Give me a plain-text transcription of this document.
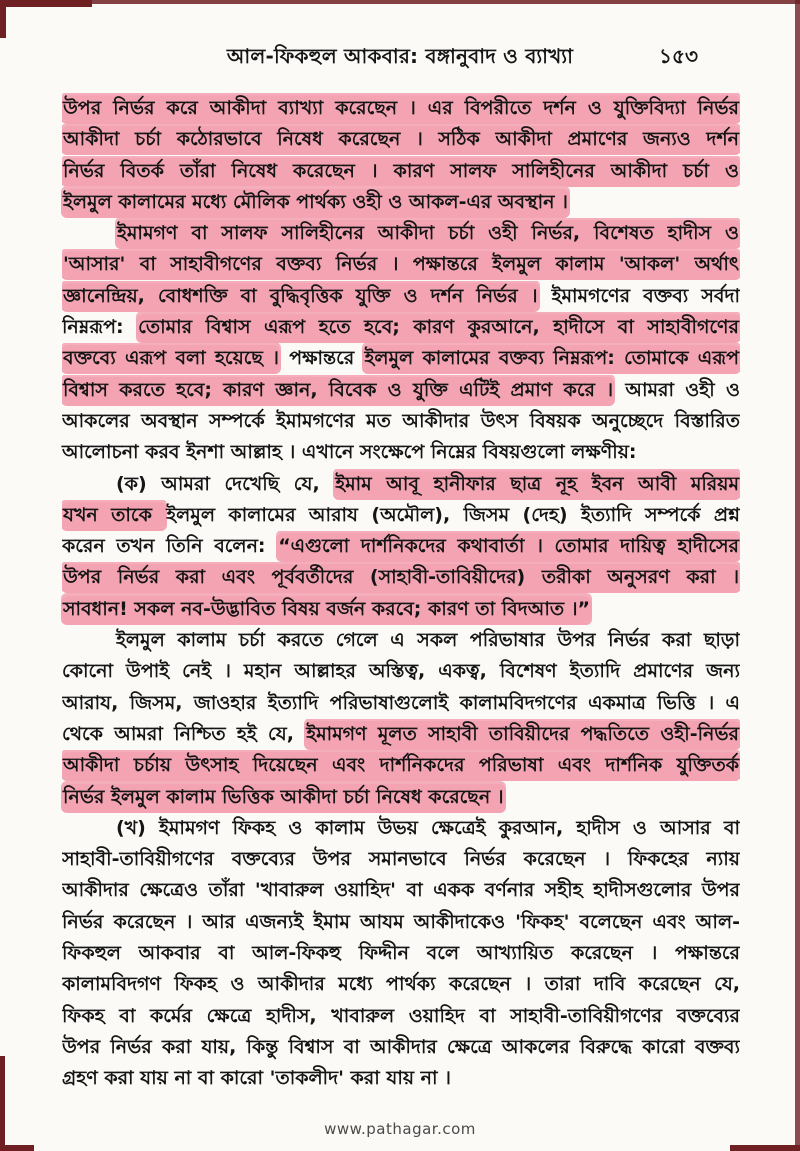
আল-ফিকহুল আকবার: বঙ্গানুবাদ ও ব্যাখ্যা	১৫৩
উপর নির্ভর করে আকীদা ব্যাখ্যা করেছেন । এর বিপরীতে দর্শন ও যুক্তিবিদ্যা নির্ভর
আকীদা চর্চা কঠোরভাবে নিষেধ করেছেন । সঠিক আকীদা প্রমাণের জন্যও দর্শন
নির্ভর বিতর্ক তাঁরা নিষেধ করেছেন । কারণ সালফ সালিহীনের আকীদা চর্চা ও
ইলমুল কালামের মধ্যে মৌলিক পার্থক্য ওহী ও আকল-এর অবস্থান ।
ইমামগণ বা সালফ সালিহীনের আকীদা চর্চা ওহী নির্ভর, বিশেষত হাদীস ও
'আসার' বা সাহাবীগণের বক্তব্য নির্ভর । পক্ষান্তরে ইলমুল কালাম 'আকল' অর্থাৎ
জ্ঞানেন্দ্রিয়, বোধশক্তি বা বুদ্ধিবৃত্তিক যুক্তি ও দর্শন নির্ভর । ইমামগণের বক্তব্য সর্বদা
নিম্নরূপ: তোমার বিশ্বাস এরূপ হতে হবে; কারণ কুরআনে, হাদীসে বা সাহাবীগণের
বক্তব্যে এরূপ বলা হয়েছে । পক্ষান্তরে ইলমুল কালামের বক্তব্য নিম্নরূপ: তোমাকে এরূপ
বিশ্বাস করতে হবে; কারণ জ্ঞান, বিবেক ও যুক্তি এটিই প্রমাণ করে । আমরা ওহী ও
আকলের অবস্থান সম্পর্কে ইমামগণের মত আকীদার উৎস বিষয়ক অনুচ্ছেদে বিস্তারিত
আলোচনা করব ইনশা আল্লাহ । এখানে সংক্ষেপে নিম্নের বিষয়গুলো লক্ষণীয়:
(ক) আমরা দেখেছি যে, ইমাম আবূ হানীফার ছাত্র নূহ ইবন আবী মরিয়ম
যখন তাকে ইলমুল কালামের আরায (অমৌল), জিসম (দেহ) ইত্যাদি সম্পর্কে প্রশ্ন
করেন তখন তিনি বলেন: “এগুলো দার্শনিকদের কথাবার্তা । তোমার দায়িত্ব হাদীসের
উপর নির্ভর করা এবং পূর্ববর্তীদের (সাহাবী-তাবিয়ীদের) তরীকা অনুসরণ করা ।
সাবধান! সকল নব-উদ্ভাবিত বিষয় বর্জন করবে; কারণ তা বিদআত ।”
ইলমুল কালাম চর্চা করতে গেলে এ সকল পরিভাষার উপর নির্ভর করা ছাড়া
কোনো উপাই নেই । মহান আল্লাহর অস্তিত্ব, একত্ব, বিশেষণ ইত্যাদি প্রমাণের জন্য
আরায, জিসম, জাওহার ইত্যাদি পরিভাষাগুলোই কালামবিদগণের একমাত্র ভিত্তি । এ
থেকে আমরা নিশ্চিত হই যে, ইমামগণ মূলত সাহাবী তাবিয়ীদের পদ্ধতিতে ওহী-নির্ভর
আকীদা চর্চায় উৎসাহ দিয়েছেন এবং দার্শনিকদের পরিভাষা এবং দার্শনিক যুক্তিতর্ক
নির্ভর ইলমুল কালাম ভিত্তিক আকীদা চর্চা নিষেধ করেছেন ।
(খ) ইমামগণ ফিকহ ও কালাম উভয় ক্ষেত্রেই কুরআন, হাদীস ও আসার বা
সাহাবী-তাবিয়ীগণের বক্তব্যের উপর সমানভাবে নির্ভর করেছেন । ফিকহের ন্যায়
আকীদার ক্ষেত্রেও তাঁরা 'খাবারুল ওয়াহিদ' বা একক বর্ণনার সহীহ হাদীসগুলোর উপর
নির্ভর করেছেন । আর এজন্যই ইমাম আযম আকীদাকেও 'ফিকহ' বলেছেন এবং আল-
ফিকহুল আকবার বা আল-ফিকহু ফিদ্দীন বলে আখ্যায়িত করেছেন । পক্ষান্তরে
কালামবিদগণ ফিকহ ও আকীদার মধ্যে পার্থক্য করেছেন । তারা দাবি করেছেন যে,
ফিকহ বা কর্মের ক্ষেত্রে হাদীস, খাবারুল ওয়াহিদ বা সাহাবী-তাবিয়ীগণের বক্তব্যের
উপর নির্ভর করা যায়, কিন্তু বিশ্বাস বা আকীদার ক্ষেত্রে আকলের বিরুদ্ধে কারো বক্তব্য
গ্রহণ করা যায় না বা কারো 'তাকলীদ' করা যায় না ।
www.pathagar.com
